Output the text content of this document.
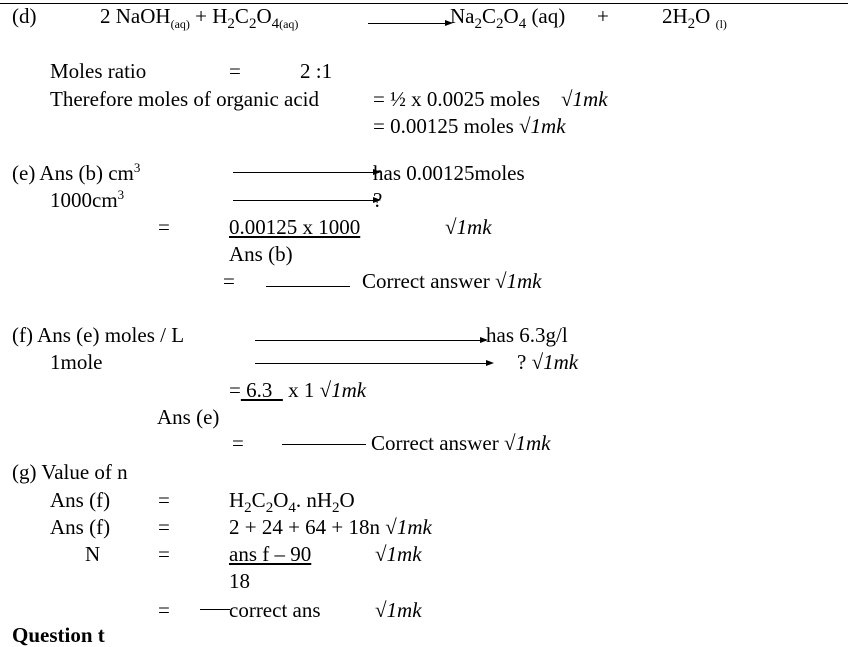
(d)	2 NaOH$_{(aq)}$ + $H_2C_2O_{4(aq)}$	$Na_2C_2O_4$ (aq) +	$2H_2O$ $_{(l)}$
Moles ratio	=	2 :1
Therefore moles of organic acid	= ½ x 0.0025 moles √1mk
= 0.00125 moles √1mk
(e) Ans (b) $cm^3$	has 0.00125moles
$1000cm^3$	?
=	0.00125 x 1000	√1mk
Ans (b)
=	Correct answer √1mk
(f) Ans (e) moles / L	has 6.3g/l
1mole	? √1mk
= 6.3   x 1 √1mk
Ans (e)
=	Correct answer √1mk
(g) Value of n
Ans (f) =	$H_2C_2O_4$. $nH_2O$
Ans (f) =	2 + 24 + 64 + 18n √1mk
N	=	ans f – 90	√1mk
18
=	correct ans	√1mk
Question t
